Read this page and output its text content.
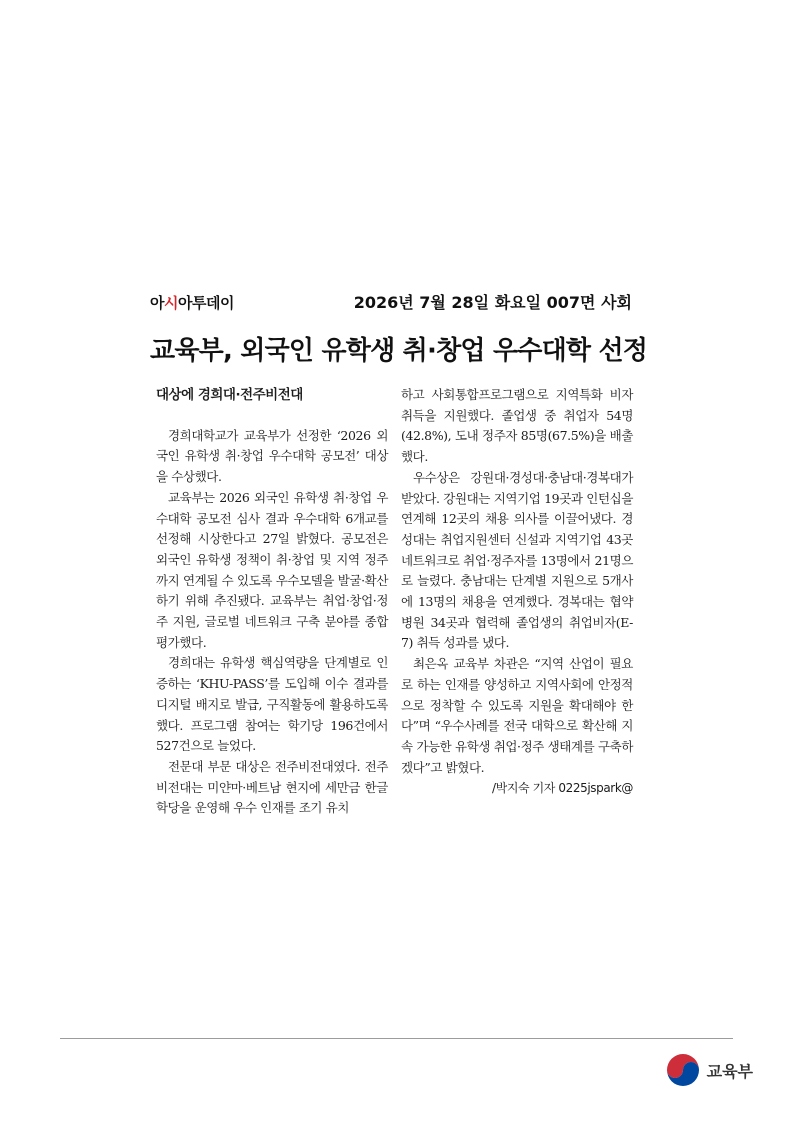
아시아투데이	2026년 7월 28일 화요일 007면 사회
교육부, 외국인 유학생 취·창업 우수대학 선정

대상에 경희대·전주비전대

경희대학교가 교육부가 선정한 ‘2026 외국인 유학생 취·창업 우수대학 공모전’ 대상을 수상했다.

교육부는 2026 외국인 유학생 취·창업 우수대학 공모전 심사 결과 우수대학 6개교를 선정해 시상한다고 27일 밝혔다. 공모전은 외국인 유학생 정책이 취·창업 및 지역 정주까지 연계될 수 있도록 우수모델을 발굴·확산하기 위해 추진됐다. 교육부는 취업·창업·정주 지원, 글로벌 네트워크 구축 분야를 종합 평가했다.

경희대는 유학생 핵심역량을 단계별로 인증하는 ‘KHU-PASS’를 도입해 이수 결과를 디지털 배지로 발급, 구직활동에 활용하도록 했다. 프로그램 참여는 학기당 196건에서 527건으로 늘었다.

전문대 부문 대상은 전주비전대였다. 전주비전대는 미얀마·베트남 현지에 세만금 한글학당을 운영해 우수 인재를 조기 유치

하고 사회통합프로그램으로 지역특화 비자 취득을 지원했다. 졸업생 중 취업자 54명(42.8%), 도내 정주자 85명(67.5%)을 배출했다.

우수상은 강원대·경성대·충남대·경복대가 받았다. 강원대는 지역기업 19곳과 인턴십을 연계해 12곳의 채용 의사를 이끌어냈다. 경성대는 취업지원센터 신설과 지역기업 43곳 네트워크로 취업·정주자를 13명에서 21명으로 늘렸다. 충남대는 단계별 지원으로 5개사에 13명의 채용을 연계했다. 경복대는 협약 병원 34곳과 협력해 졸업생의 취업비자(E-7) 취득 성과를 냈다.

최은옥 교육부 차관은 “지역 산업이 필요로 하는 인재를 양성하고 지역사회에 안정적으로 정착할 수 있도록 지원을 확대해야 한다”며 “우수사례를 전국 대학으로 확산해 지속 가능한 유학생 취업·정주 생태계를 구축하겠다”고 밝혔다.

/박지숙 기자 0225jspark@

교육부
